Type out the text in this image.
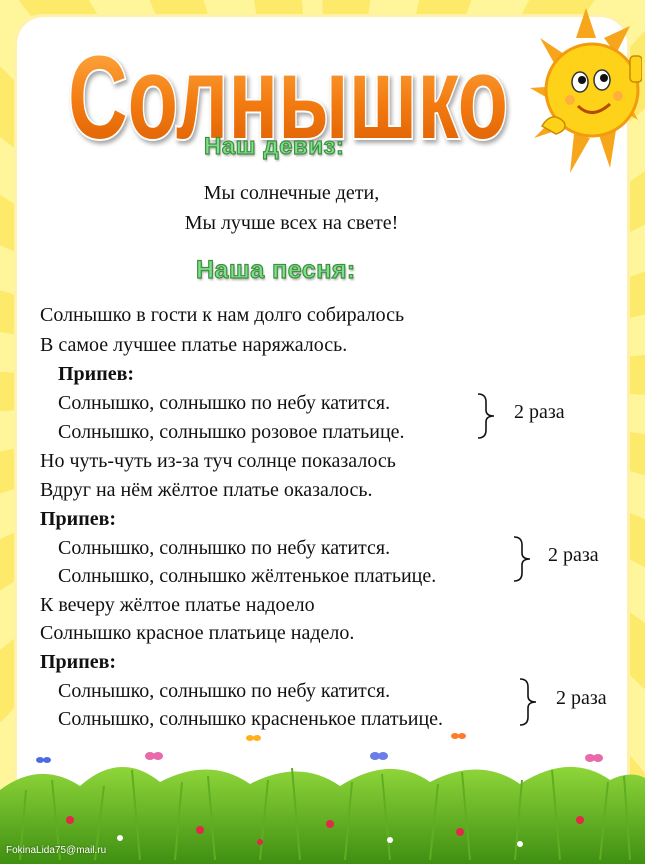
Солнышко
Наш девиз:
Мы солнечные дети,
Мы лучше всех на свете!
Наша песня:
Солнышко в гости к нам долго собиралось
В самое лучшее платье наряжалось.
Припев:
Солнышко, солнышко по небу катится.
Солнышко, солнышко розовое платьице.
Но чуть-чуть из-за туч солнце показалось
Вдруг на нём жёлтое платье оказалось.
Припев:
Солнышко, солнышко по небу катится.
Солнышко, солнышко жёлтенькое платьице.
К вечеру жёлтое платье надоело
Солнышко красное платьице надело.
Припев:
Солнышко, солнышко по небу катится.
Солнышко, солнышко красненькое платьице.
2 раза
2 раза
2 раза
FokinaLida75@mail.ru
